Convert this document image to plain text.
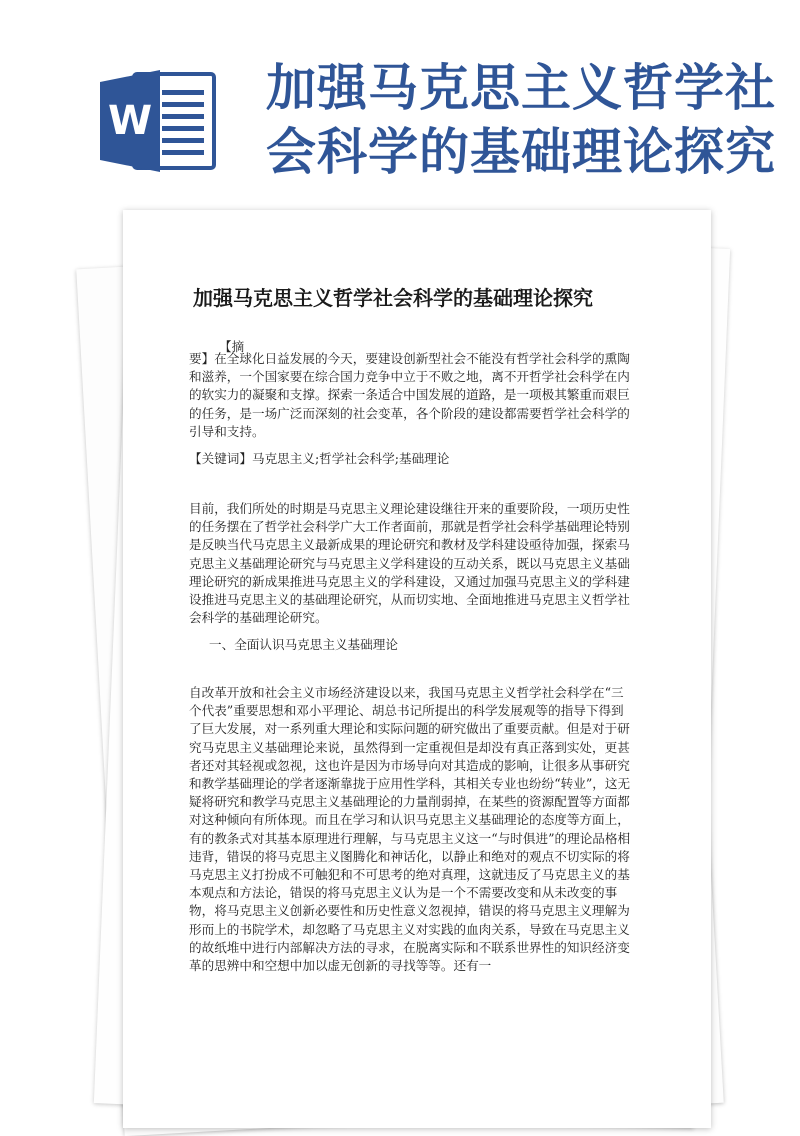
W
加强马克思主义哲学社会科学的基础理论探究
加强马克思主义哲学社会科学的基础理论探究
【摘
要】在全球化日益发展的今天，要建设创新型社会不能没有哲学社会科学的熏陶和滋养，一个国家要在综合国力竞争中立于不败之地，离不开哲学社会科学在内的软实力的凝聚和支撑。探索一条适合中国发展的道路，是一项极其繁重而艰巨的任务，是一场广泛而深刻的社会变革，各个阶段的建设都需要哲学社会科学的引导和支持。
【关键词】马克思主义;哲学社会科学;基础理论
目前，我们所处的时期是马克思主义理论建设继往开来的重要阶段，一项历史性的任务摆在了哲学社会科学广大工作者面前，那就是哲学社会科学基础理论特别是反映当代马克思主义最新成果的理论研究和教材及学科建设亟待加强，探索马克思主义基础理论研究与马克思主义学科建设的互动关系，既以马克思主义基础理论研究的新成果推进马克思主义的学科建设，又通过加强马克思主义的学科建设推进马克思主义的基础理论研究，从而切实地、全面地推进马克思主义哲学社会科学的基础理论研究。
一、全面认识马克思主义基础理论
自改革开放和社会主义市场经济建设以来，我国马克思主义哲学社会科学在“三个代表”重要思想和邓小平理论、胡总书记所提出的科学发展观等的指导下得到了巨大发展，对一系列重大理论和实际问题的研究做出了重要贡献。但是对于研究马克思主义基础理论来说，虽然得到一定重视但是却没有真正落到实处，更甚者还对其轻视或忽视，这也许是因为市场导向对其造成的影响，让很多从事研究和教学基础理论的学者逐渐靠拢于应用性学科，其相关专业也纷纷“转业”，这无疑将研究和教学马克思主义基础理论的力量削弱掉，在某些的资源配置等方面都对这种倾向有所体现。而且在学习和认识马克思主义基础理论的态度等方面上，有的教条式对其基本原理进行理解，与马克思主义这一“与时俱进”的理论品格相违背，错误的将马克思主义图腾化和神话化，以静止和绝对的观点不切实际的将马克思主义打扮成不可触犯和不可思考的绝对真理，这就违反了马克思主义的基本观点和方法论，错误的将马克思主义认为是一个不需要改变和从未改变的事物，将马克思主义创新必要性和历史性意义忽视掉，错误的将马克思主义理解为形而上的书院学术，却忽略了马克思主义对实践的血肉关系，导致在马克思主义的故纸堆中进行内部解决方法的寻求，在脱离实际和不联系世界性的知识经济变革的思辨中和空想中加以虚无创新的寻找等等。还有一
